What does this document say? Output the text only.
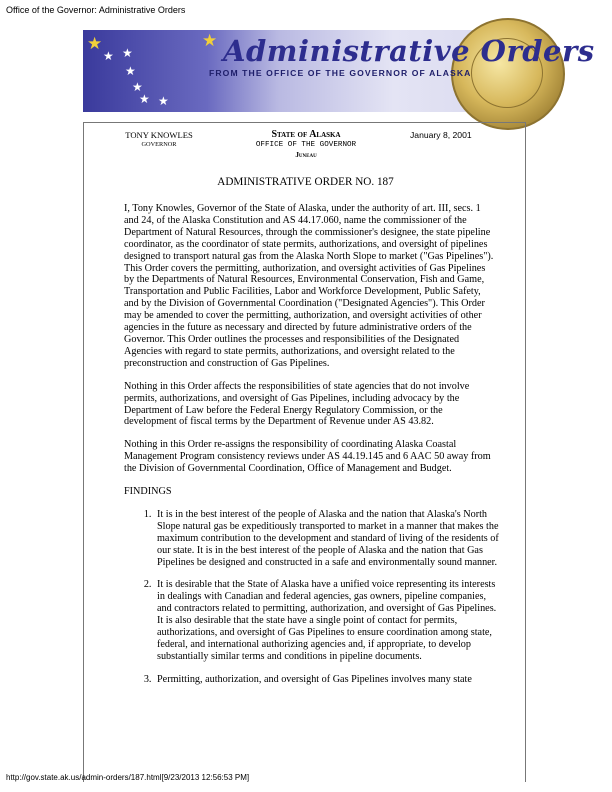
Office of the Governor: Administrative Orders
★
★ ★
★
★
★ ★
★ Administrative Orders
FROM THE OFFICE OF THE GOVERNOR OF ALASKA
TONY KNOWLES
GOVERNOR
State of Alaska
OFFICE OF THE GOVERNOR
Juneau
January 8, 2001
ADMINISTRATIVE ORDER NO. 187

I, Tony Knowles, Governor of the State of Alaska, under the authority of art. III, secs. 1
and 24, of the Alaska Constitution and AS 44.17.060, name the commissioner of the
Department of Natural Resources, through the commissioner's designee, the state pipeline
coordinator, as the coordinator of state permits, authorizations, and oversight of pipelines
designed to transport natural gas from the Alaska North Slope to market ("Gas Pipelines").
This Order covers the permitting, authorization, and oversight activities of Gas Pipelines
by the Departments of Natural Resources, Environmental Conservation, Fish and Game,
Transportation and Public Facilities, Labor and Workforce Development, Public Safety,
and by the Division of Governmental Coordination ("Designated Agencies"). This Order
may be amended to cover the permitting, authorization, and oversight activities of other
agencies in the future as necessary and directed by future administrative orders of the
Governor. This Order outlines the processes and responsibilities of the Designated
Agencies with regard to state permits, authorizations, and oversight related to the
preconstruction and construction of Gas Pipelines.

Nothing in this Order affects the responsibilities of state agencies that do not involve
permits, authorizations, and oversight of Gas Pipelines, including advocacy by the
Department of Law before the Federal Energy Regulatory Commission, or the
development of fiscal terms by the Department of Revenue under AS 43.82.

Nothing in this Order re-assigns the responsibility of coordinating Alaska Coastal
Management Program consistency reviews under AS 44.19.145 and 6 AAC 50 away from
the Division of Governmental Coordination, Office of Management and Budget.

FINDINGS
1. It is in the best interest of the people of Alaska and the nation that Alaska's North
Slope natural gas be expeditiously transported to market in a manner that makes the
maximum contribution to the development and standard of living of the residents of
our state. It is in the best interest of the people of Alaska and the nation that Gas
Pipelines be designed and constructed in a safe and environmentally sound manner.
2. It is desirable that the State of Alaska have a unified voice representing its interests
in dealings with Canadian and federal agencies, gas owners, pipeline companies,
and contractors related to permitting, authorization, and oversight of Gas Pipelines.
It is also desirable that the state have a single point of contact for permits,
authorizations, and oversight of Gas Pipelines to ensure coordination among state,
federal, and international authorizing agencies and, if appropriate, to develop
substantially similar terms and conditions in pipeline documents.
3. Permitting, authorization, and oversight of Gas Pipelines involves many state
http://gov.state.ak.us/admin-orders/187.html[9/23/2013 12:56:53 PM]
